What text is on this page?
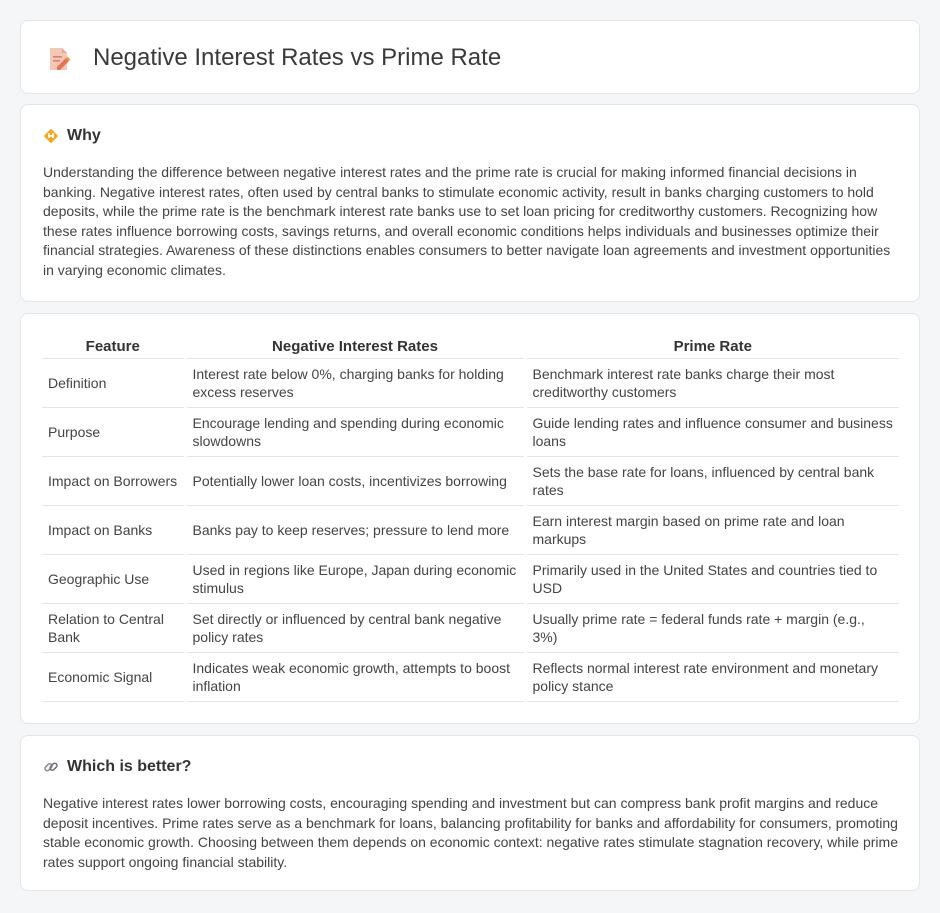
Negative Interest Rates vs Prime Rate
Why

Understanding the difference between negative interest rates and the prime rate is crucial for making informed financial decisions in banking. Negative interest rates, often used by central banks to stimulate economic activity, result in banks charging customers to hold deposits, while the prime rate is the benchmark interest rate banks use to set loan pricing for creditworthy customers. Recognizing how these rates influence borrowing costs, savings returns, and overall economic conditions helps individuals and businesses optimize their financial strategies. Awareness of these distinctions enables consumers to better navigate loan agreements and investment opportunities in varying economic climates.

Feature	Negative Interest Rates	Prime Rate
Definition	Interest rate below 0%, charging banks for holding excess reserves	Benchmark interest rate banks charge their most creditworthy customers
Purpose	Encourage lending and spending during economic slowdowns	Guide lending rates and influence consumer and business loans
Impact on Borrowers	Potentially lower loan costs, incentivizes borrowing	Sets the base rate for loans, influenced by central bank rates
Impact on Banks	Banks pay to keep reserves; pressure to lend more	Earn interest margin based on prime rate and loan markups
Geographic Use	Used in regions like Europe, Japan during economic stimulus	Primarily used in the United States and countries tied to USD
Relation to Central Bank	Set directly or influenced by central bank negative policy rates	Usually prime rate = federal funds rate + margin (e.g., 3%)
Economic Signal	Indicates weak economic growth, attempts to boost inflation	Reflects normal interest rate environment and monetary policy stance
Which is better?

Negative interest rates lower borrowing costs, encouraging spending and investment but can compress bank profit margins and reduce deposit incentives. Prime rates serve as a benchmark for loans, balancing profitability for banks and affordability for consumers, promoting stable economic growth. Choosing between them depends on economic context: negative rates stimulate stagnation recovery, while prime rates support ongoing financial stability.
